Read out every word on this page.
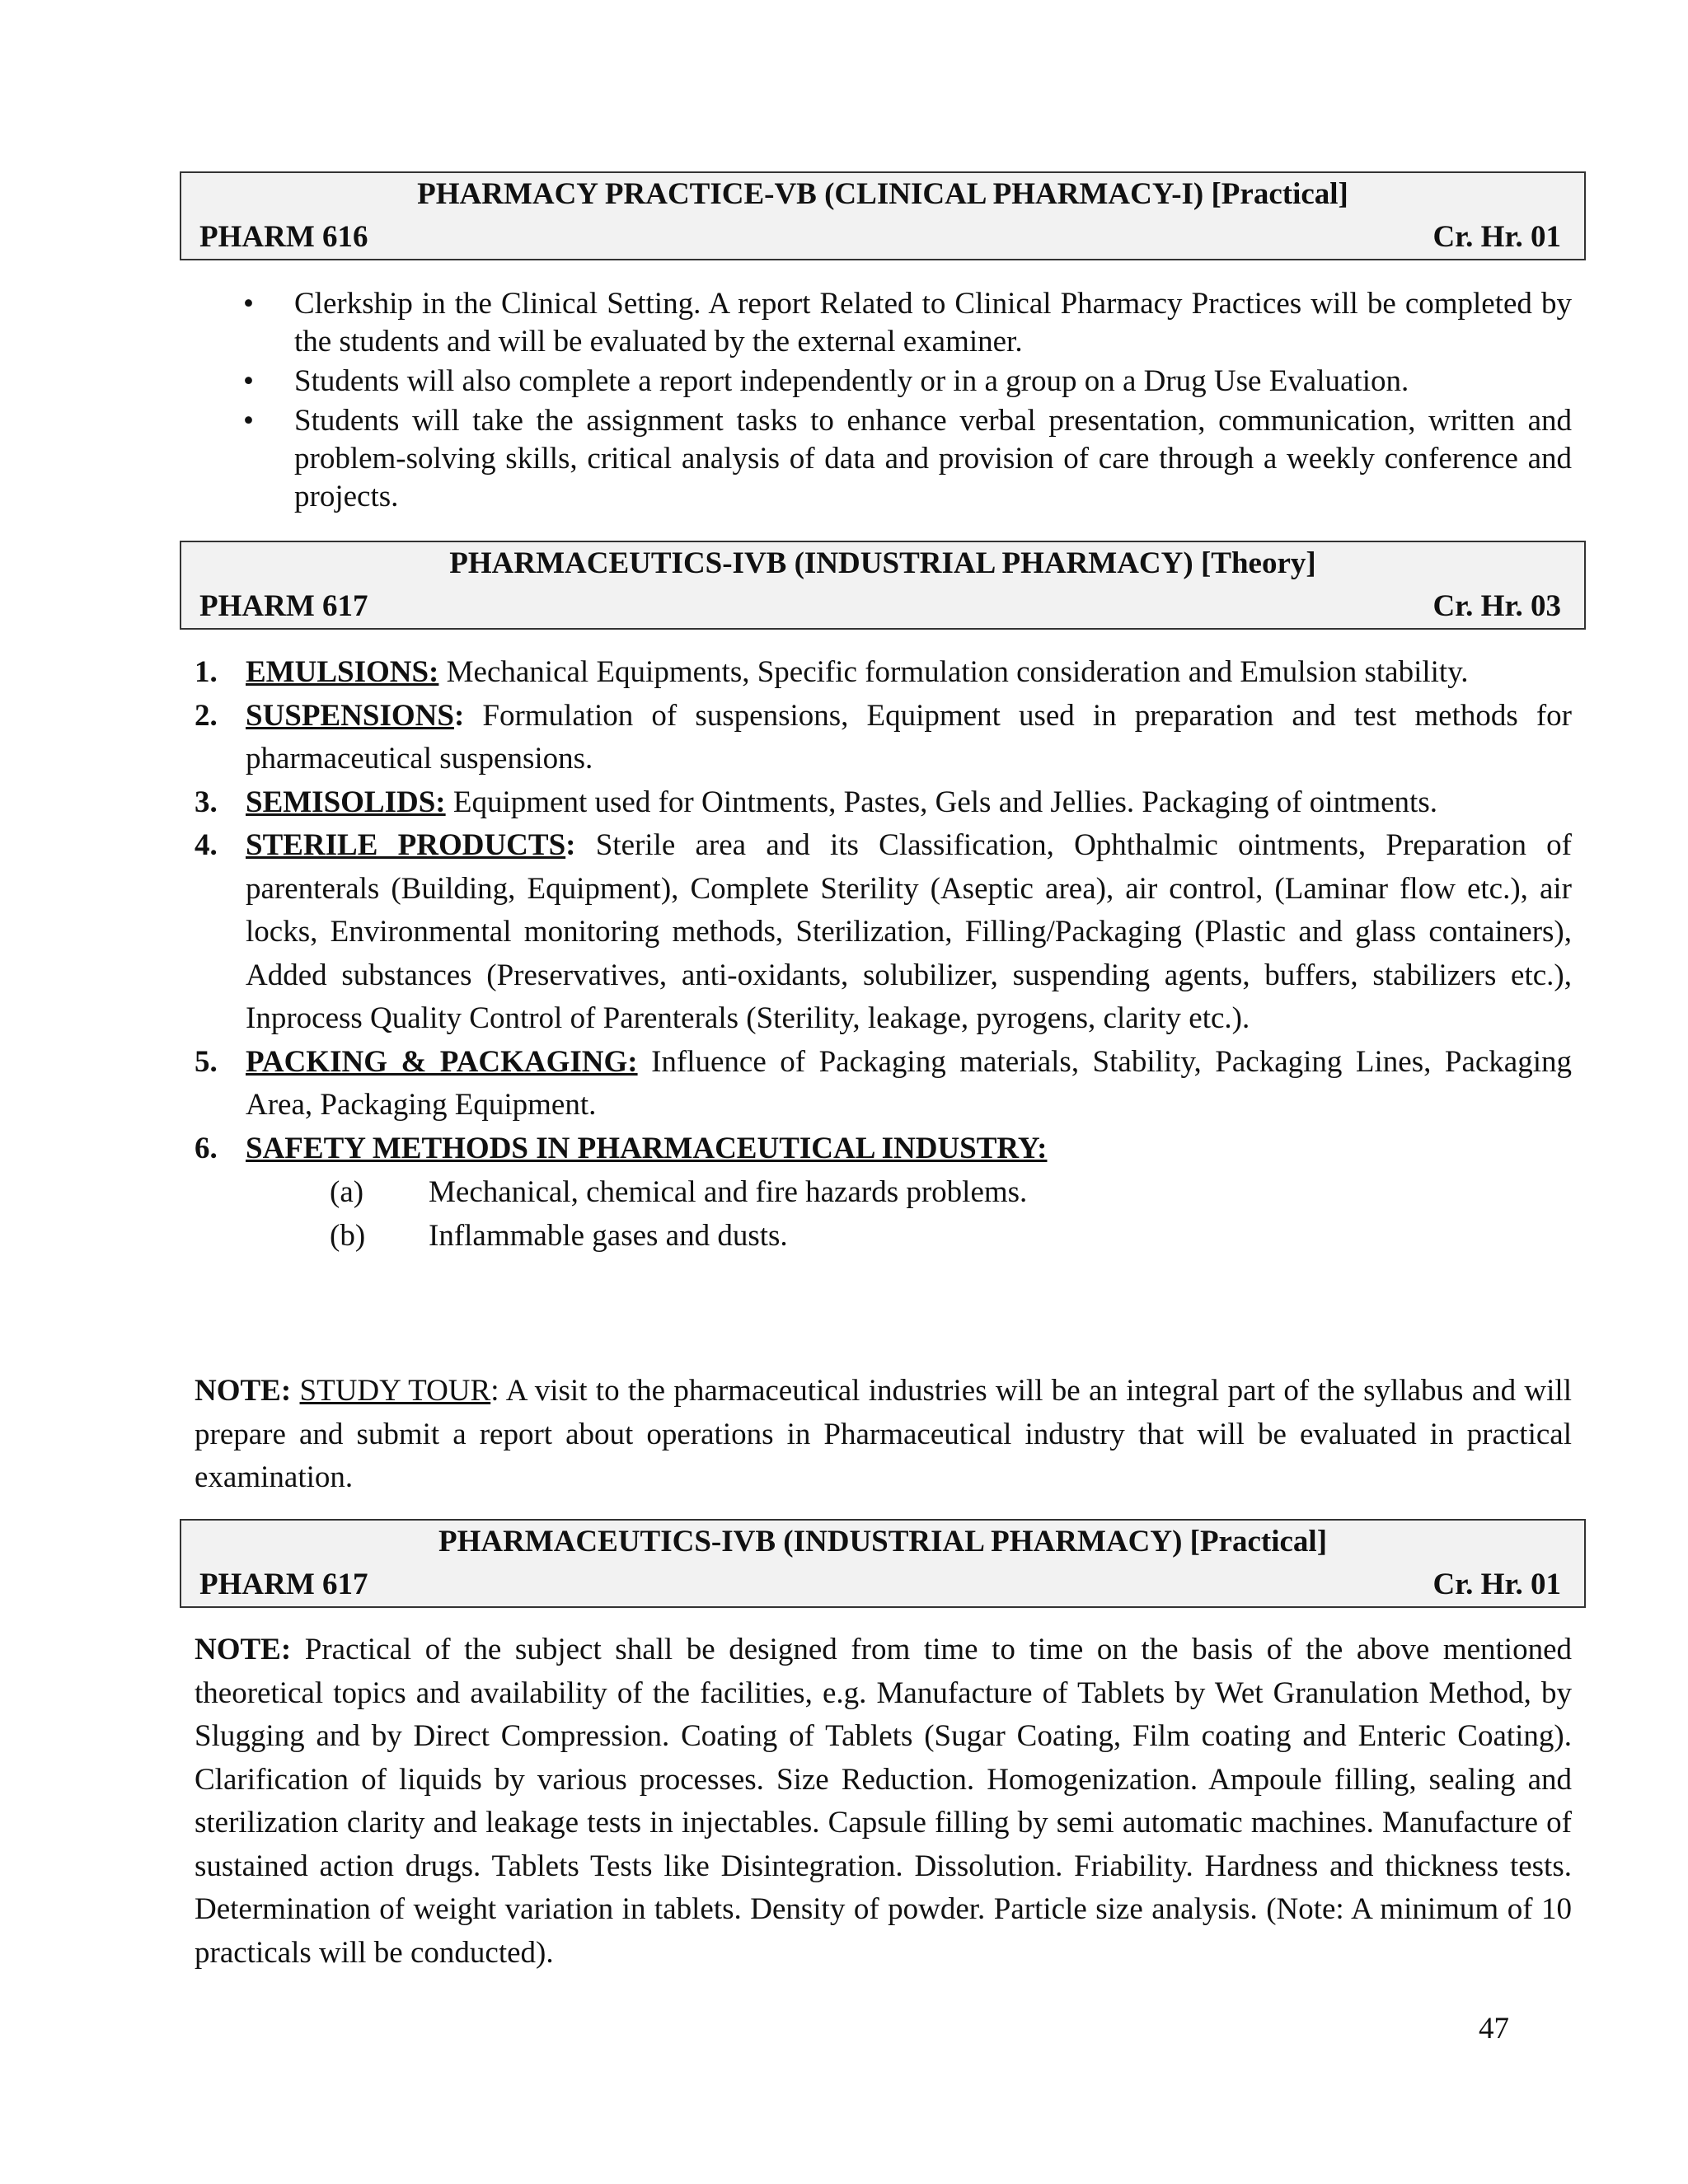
PHARMACY PRACTICE-VB (CLINICAL PHARMACY-I) [Practical]
PHARM 616	Cr. Hr. 01
• Clerkship in the Clinical Setting. A report Related to Clinical Pharmacy Practices will be completed by the students and will be evaluated by the external examiner.
• Students will also complete a report independently or in a group on a Drug Use Evaluation.
• Students will take the assignment tasks to enhance verbal presentation, communication, written and problem-solving skills, critical analysis of data and provision of care through a weekly conference and projects.
PHARMACEUTICS-IVB (INDUSTRIAL PHARMACY) [Theory]
PHARM 617	Cr. Hr. 03
1. EMULSIONS: Mechanical Equipments, Specific formulation consideration and Emulsion stability.
2. SUSPENSIONS: Formulation of suspensions, Equipment used in preparation and test methods for pharmaceutical suspensions.
3. SEMISOLIDS: Equipment used for Ointments, Pastes, Gels and Jellies. Packaging of ointments.
4. STERILE PRODUCTS: Sterile area and its Classification, Ophthalmic ointments, Preparation of parenterals (Building, Equipment), Complete Sterility (Aseptic area), air control, (Laminar flow etc.), air locks, Environmental monitoring methods, Sterilization, Filling/Packaging (Plastic and glass containers), Added substances (Preservatives, anti-oxidants, solubilizer, suspending agents, buffers, stabilizers etc.), Inprocess Quality Control of Parenterals (Sterility, leakage, pyrogens, clarity etc.).
5. PACKING & PACKAGING: Influence of Packaging materials, Stability, Packaging Lines, Packaging Area, Packaging Equipment.
6. SAFETY METHODS IN PHARMACEUTICAL INDUSTRY:
(a) Mechanical, chemical and fire hazards problems.
(b) Inflammable gases and dusts.
NOTE: STUDY TOUR: A visit to the pharmaceutical industries will be an integral part of the syllabus and will prepare and submit a report about operations in Pharmaceutical industry that will be evaluated in practical examination.
PHARMACEUTICS-IVB (INDUSTRIAL PHARMACY) [Practical]
PHARM 617	Cr. Hr. 01
NOTE: Practical of the subject shall be designed from time to time on the basis of the above mentioned theoretical topics and availability of the facilities, e.g. Manufacture of Tablets by Wet Granulation Method, by Slugging and by Direct Compression. Coating of Tablets (Sugar Coating, Film coating and Enteric Coating). Clarification of liquids by various processes. Size Reduction. Homogenization. Ampoule filling, sealing and sterilization clarity and leakage tests in injectables. Capsule filling by semi automatic machines. Manufacture of sustained action drugs. Tablets Tests like Disintegration. Dissolution. Friability. Hardness and thickness tests. Determination of weight variation in tablets. Density of powder. Particle size analysis. (Note: A minimum of 10 practicals will be conducted).
47
